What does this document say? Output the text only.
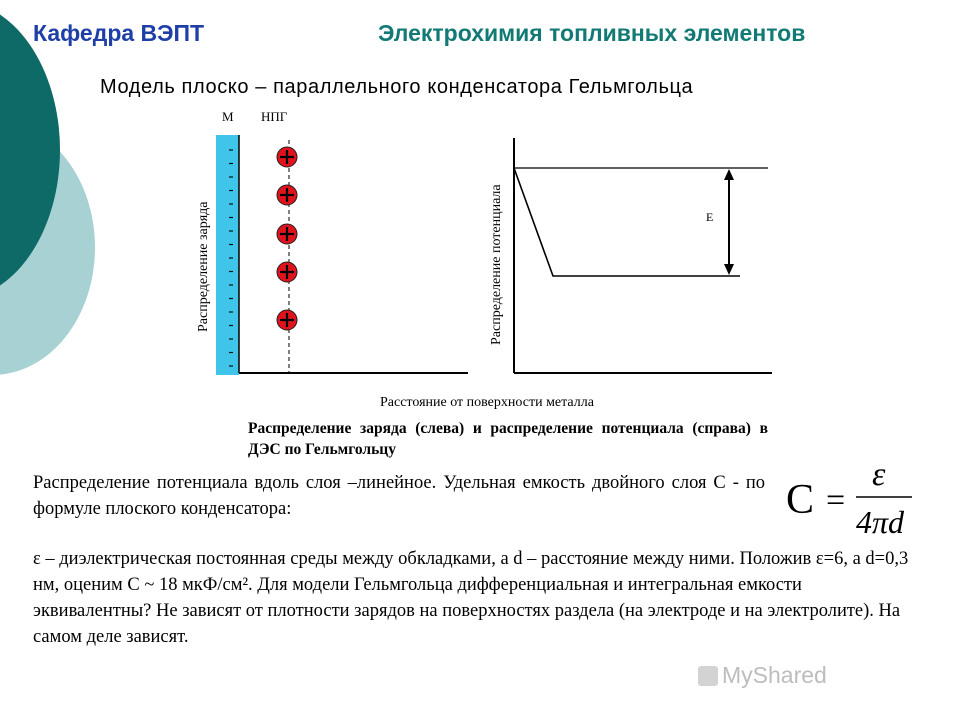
Кафедра ВЭПТ	Электрохимия топливных элементов
Модель плоско – параллельного конденсатора Гельмгольца
М НПГ
Распределение заряда	E
Распределение потенциала
Расстояние от поверхности металла
Распределение заряда (слева) и распределение потенциала (справа) в ДЭС по Гельмгольцу
Распределение потенциала вдоль слоя –линейное. Удельная емкость двойного слоя С - по формуле плоского конденсатора:	C =
ε
4πd
ε – диэлектрическая постоянная среды между обкладками, а d – расстояние между ними. Положив ε=6, а d=0,3 нм, оценим С ~ 18 мкФ/см². Для модели Гельмгольца дифференциальная и интегральная емкости эквивалентны? Не зависят от плотности зарядов на поверхностях раздела (на электроде и на электролите). На самом деле зависят.
MyShared
